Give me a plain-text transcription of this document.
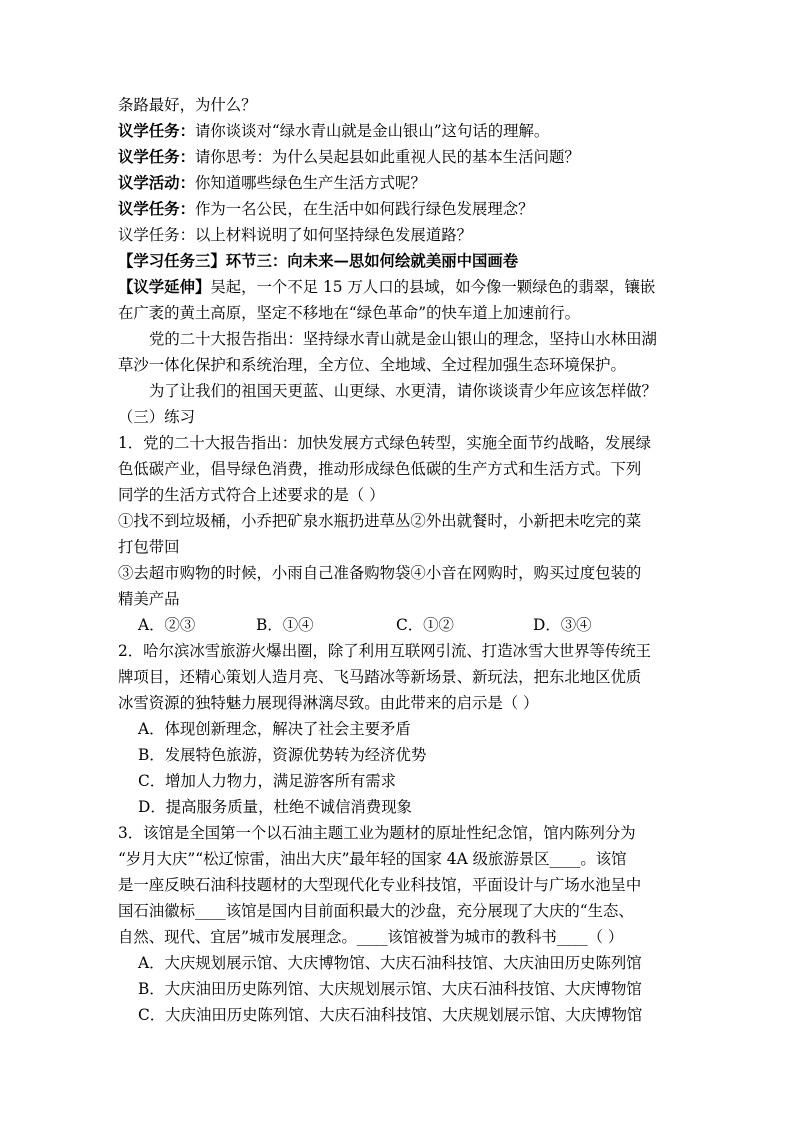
条路最好，为什么？
议学任务：请你谈谈对“绿水青山就是金山银山”这句话的理解。
议学任务：请你思考：为什么吴起县如此重视人民的基本生活问题？
议学活动：你知道哪些绿色生产生活方式呢？
议学任务：作为一名公民，在生活中如何践行绿色发展理念？
议学任务：以上材料说明了如何坚持绿色发展道路？
【学习任务三】环节三：向未来—思如何绘就美丽中国画卷
【议学延伸】吴起，一个不足 15 万人口的县域，如今像一颗绿色的翡翠，镶嵌
在广袤的黄土高原，坚定不移地在“绿色革命”的快车道上加速前行。
党的二十大报告指出：坚持绿水青山就是金山银山的理念，坚持山水林田湖
草沙一体化保护和系统治理，全方位、全地域、全过程加强生态环境保护。
为了让我们的祖国天更蓝、山更绿、水更清，请你谈谈青少年应该怎样做？
（三）练习
1．党的二十大报告指出：加快发展方式绿色转型，实施全面节约战略，发展绿
色低碳产业，倡导绿色消费，推动形成绿色低碳的生产方式和生活方式。下列
同学的生活方式符合上述要求的是（ ）
①找不到垃圾桶，小乔把矿泉水瓶扔进草丛②外出就餐时，小新把未吃完的菜
打包带回
③去超市购物的时候，小雨自己准备购物袋④小音在网购时，购买过度包装的
精美产品
A．②③	B．①④	C．①②	D．③④
2．哈尔滨冰雪旅游火爆出圈，除了利用互联网引流、打造冰雪大世界等传统王
牌项目，还精心策划人造月亮、飞马踏冰等新场景、新玩法，把东北地区优质
冰雪资源的独特魅力展现得淋漓尽致。由此带来的启示是（ ）
A．体现创新理念，解决了社会主要矛盾
B．发展特色旅游，资源优势转为经济优势
C．增加人力物力，满足游客所有需求
D．提高服务质量，杜绝不诚信消费现象
3．该馆是全国第一个以石油主题工业为题材的原址性纪念馆，馆内陈列分为
“岁月大庆”“松辽惊雷，油出大庆”最年轻的国家 4A 级旅游景区____。该馆
是一座反映石油科技题材的大型现代化专业科技馆，平面设计与广场水池呈中
国石油徽标____该馆是国内目前面积最大的沙盘，充分展现了大庆的“生态、
自然、现代、宜居”城市发展理念。____该馆被誉为城市的教科书____（ ）
A．大庆规划展示馆、大庆博物馆、大庆石油科技馆、大庆油田历史陈列馆
B．大庆油田历史陈列馆、大庆规划展示馆、大庆石油科技馆、大庆博物馆
C．大庆油田历史陈列馆、大庆石油科技馆、大庆规划展示馆、大庆博物馆
